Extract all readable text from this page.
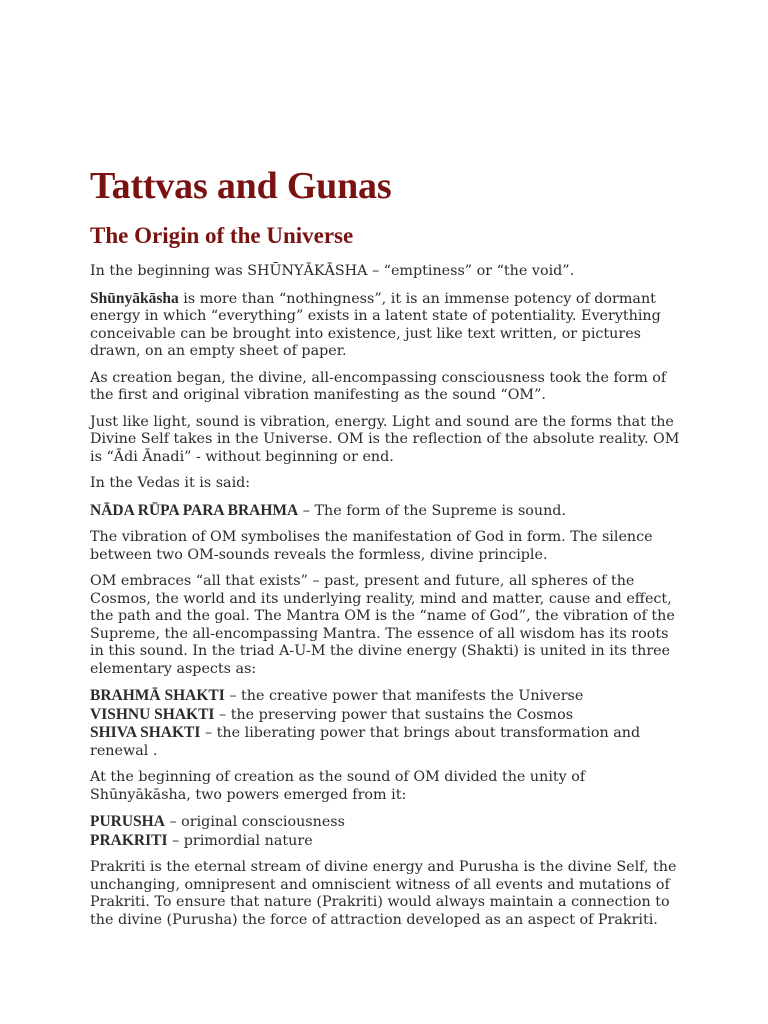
Tattvas and Gunas
The Origin of the Universe

In the beginning was SHŪNYĀKĀSHA – “emptiness” or “the void”.

Shūnyākāsha is more than “nothingness”, it is an immense potency of dormant energy in which “everything” exists in a latent state of potentiality. Everything conceivable can be brought into existence, just like text written, or pictures drawn, on an empty sheet of paper.

As creation began, the divine, all-encompassing consciousness took the form of the first and original vibration manifesting as the sound “OM”.

Just like light, sound is vibration, energy. Light and sound are the forms that the Divine Self takes in the Universe. OM is the reflection of the absolute reality. OM is “Ādi Ānadi” - without beginning or end.

In the Vedas it is said:

NĀDA RŪPA PARA BRAHMA – The form of the Supreme is sound.

The vibration of OM symbolises the manifestation of God in form. The silence between two OM-sounds reveals the formless, divine principle.

OM embraces “all that exists” – past, present and future, all spheres of the Cosmos, the world and its underlying reality, mind and matter, cause and effect, the path and the goal. The Mantra OM is the “name of God”, the vibration of the Supreme, the all-encompassing Mantra. The essence of all wisdom has its roots in this sound. In the triad A-U-M the divine energy (Shakti) is united in its three elementary aspects as:

BRAHMĀ SHAKTI – the creative power that manifests the Universe
VISHNU SHAKTI – the preserving power that sustains the Cosmos
SHIVA SHAKTI – the liberating power that brings about transformation and renewal .

At the beginning of creation as the sound of OM divided the unity of Shūnyākāsha, two powers emerged from it:

PURUSHA – original consciousness
PRAKRITI – primordial nature

Prakriti is the eternal stream of divine energy and Purusha is the divine Self, the unchanging, omnipresent and omniscient witness of all events and mutations of Prakriti. To ensure that nature (Prakriti) would always maintain a connection to the divine (Purusha) the force of attraction developed as an aspect of Prakriti.
